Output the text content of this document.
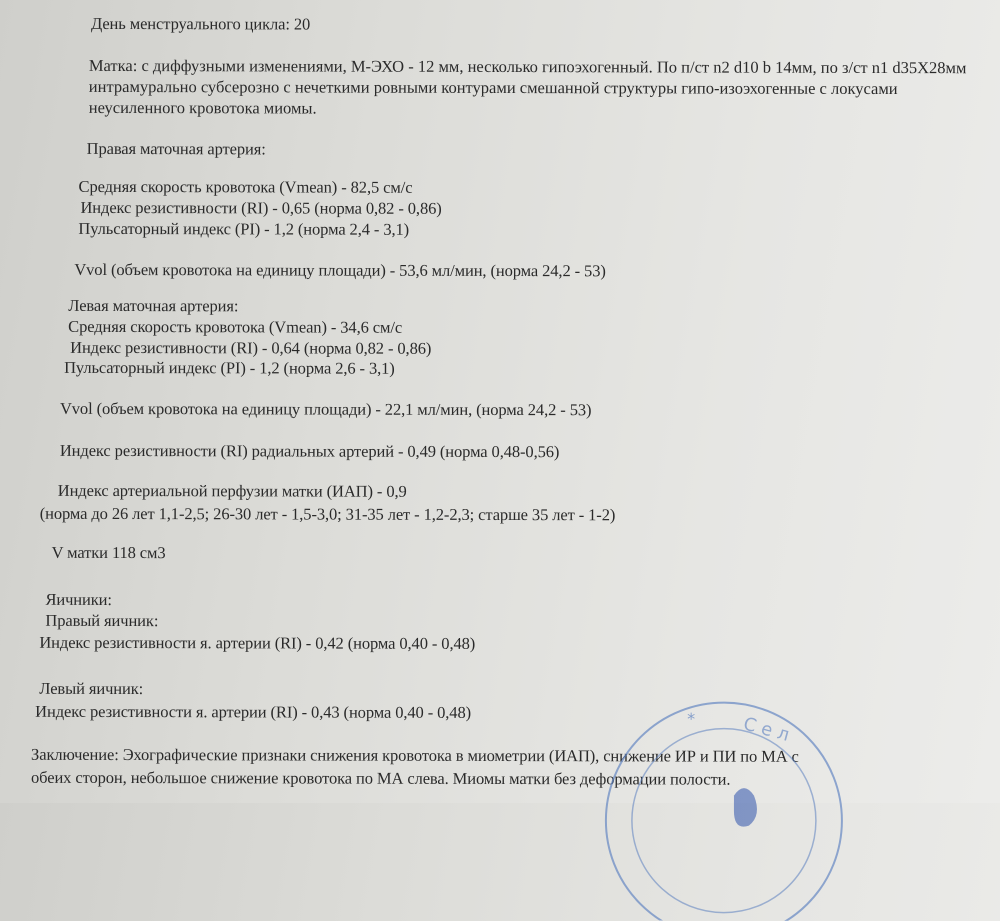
День менструального цикла: 20
Матка: с диффузными изменениями, М-ЭХО - 12 мм, несколько гипоэхогенный. По п/ст n2 d10 b 14мм, по з/ст n1 d35X28мм интрамурально субсерозно с нечеткими ровными контурами смешанной структуры гипо-изоэхогенные с локусами неусиленного кровотока миомы.
Правая маточная артерия:
Средняя скорость кровотока (Vmean) - 82,5 см/с
Индекс резистивности (RI) - 0,65 (норма 0,82 - 0,86)
Пульсаторный индекс (PI) - 1,2 (норма 2,4 - 3,1)
Vvol (объем кровотока на единицу площади) - 53,6 мл/мин, (норма 24,2 - 53)
Левая маточная артерия:
Средняя скорость кровотока (Vmean) - 34,6 см/с
Индекс резистивности (RI) - 0,64 (норма 0,82 - 0,86)
Пульсаторный индекс (PI) - 1,2 (норма 2,6 - 3,1)
Vvol (объем кровотока на единицу площади) - 22,1 мл/мин, (норма 24,2 - 53)
Индекс резистивности (RI) радиальных артерий - 0,49 (норма 0,48-0,56)
Индекс артериальной перфузии матки (ИАП) - 0,9
(норма до 26 лет 1,1-2,5; 26-30 лет - 1,5-3,0; 31-35 лет - 1,2-2,3; старше 35 лет - 1-2)
V матки 118 см3
Яичники:
Правый яичник:
Индекс резистивности я. артерии (RI) - 0,42 (норма 0,40 - 0,48)
Левый яичник:
Индекс резистивности я. артерии (RI) - 0,43 (норма 0,40 - 0,48)
Заключение: Эхографические признаки снижения кровотока в миометрии (ИАП), снижение ИР и ПИ по МА с
обеих сторон, небольшое снижение кровотока по МА слева. Миомы матки без деформации полости.
*	С е л
